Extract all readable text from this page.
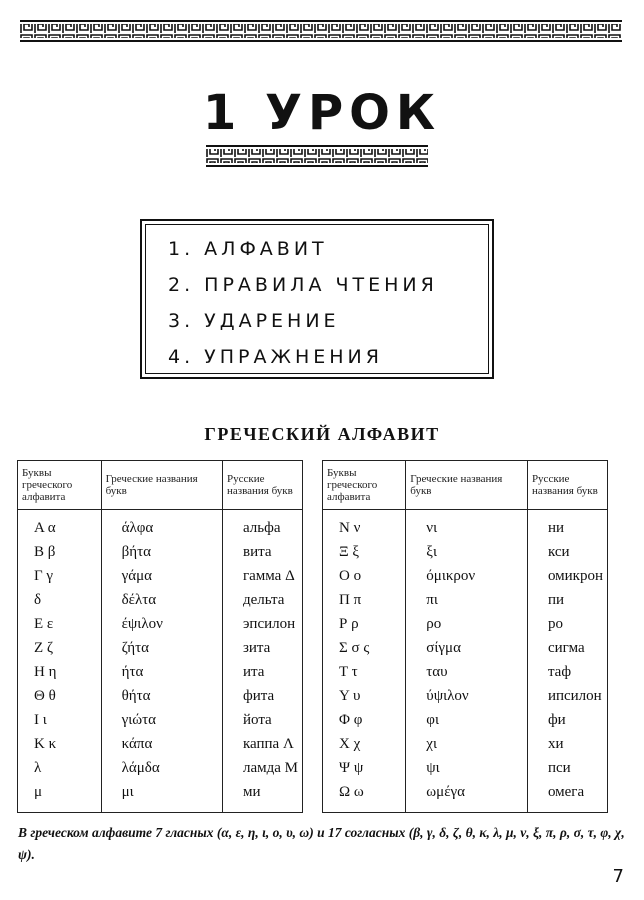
1 УРОК
1. АЛФАВИТ
2. ПРАВИЛА ЧТЕНИЯ
3. УДАРЕНИЕ
4. УПРАЖНЕНИЯ
ГРЕЧЕСКИЙ АЛФАВИТ
Буквы греческого алфавита	Греческие названия букв	Русские названия букв
Α α	άλφα	альфа
Β β	βήτα	вита
Γ γ	γάμα	гамма Δ
δ	δέλτα	дельта
Ε ε	έψιλον	эпсилон
Ζ ζ	ζήτα	зита
Η η	ήτα	ита
Θ θ	θήτα	фита
Ι ι	γιώτα	йота
Κ κ	κάπα	каппа Λ
λ	λάμδα	ламда Μ
μ	μι	ми
Буквы греческого алфавита	Греческие названия букв	Русские названия букв
Ν ν	νι	ни
Ξ ξ	ξι	кси
Ο ο	όμικρον	омикрон
Π π	πι	пи
Ρ ρ	ρο	ро
Σ σ ς	σίγμα	сигма
Τ τ	ταυ	таф
Υ υ	ύψιλον	ипсилон
Φ φ	φι	фи
Χ χ	χι	хи
Ψ ψ	ψι	пси
Ω ω	ωμέγα	омега

В греческом алфавите 7 гласных (α, ε, η, ι, ο, υ, ω) и 17 согласных (β, γ, δ, ζ, θ, κ, λ, μ, ν, ξ, π, ρ, σ, τ, φ, χ, ψ).

7
